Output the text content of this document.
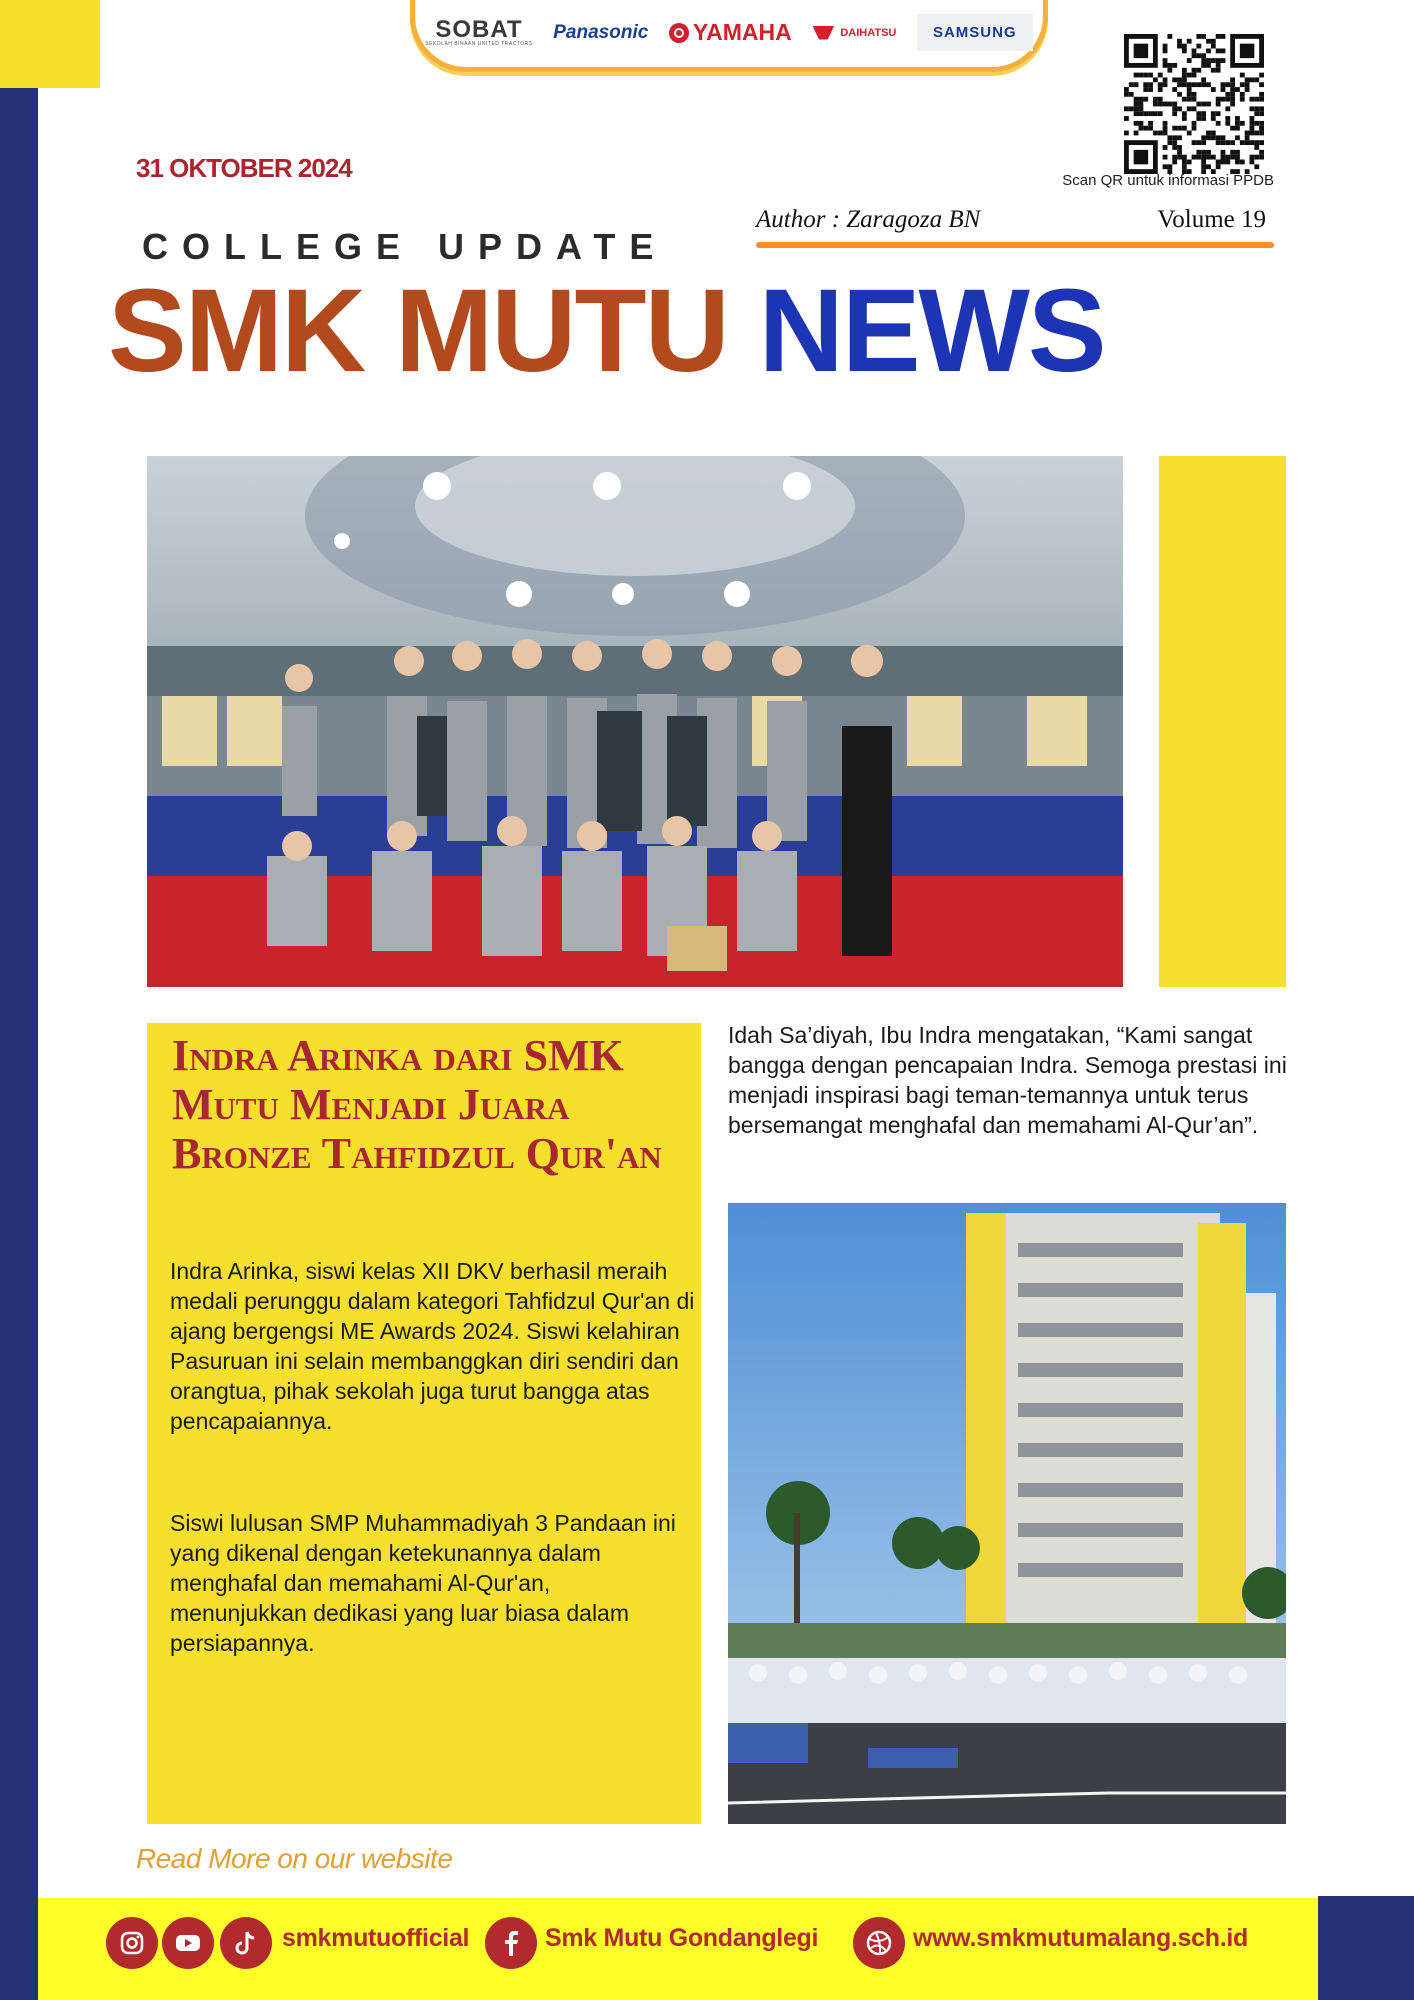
SOBAT
SEKOLAH BINAAN UNITED TRACTORS
Panasonic YAMAHA	DAIHATSU	SAMSUNG
Scan QR untuk informasi PPDB
31 OKTOBER 2024
Author : Zaragoza BN	Volume 19
COLLEGE UPDATE
SMK MUTU NEWS
Indra Arinka dari SMK Mutu Menjadi Juara Bronze Tahfidzul Qur'an
Indra Arinka, siswi kelas XII DKV berhasil meraih medali perunggu dalam kategori Tahfidzul Qur'an di ajang bergengsi ME Awards 2024. Siswi kelahiran Pasuruan ini selain membanggkan diri sendiri dan orangtua, pihak sekolah juga turut bangga atas pencapaiannya.
Siswi lulusan SMP Muhammadiyah 3 Pandaan ini yang dikenal dengan ketekunannya dalam menghafal dan memahami Al-Qur'an, menunjukkan dedikasi yang luar biasa dalam persiapannya.
Idah Sa’diyah, Ibu Indra mengatakan, “Kami sangat bangga dengan pencapaian Indra. Semoga prestasi ini menjadi inspirasi bagi teman-temannya untuk terus bersemangat menghafal dan memahami Al-Qur’an”.
Read More on our website
smkmutuofficial	Smk Mutu Gondanglegi	www.smkmutumalang.sch.id
